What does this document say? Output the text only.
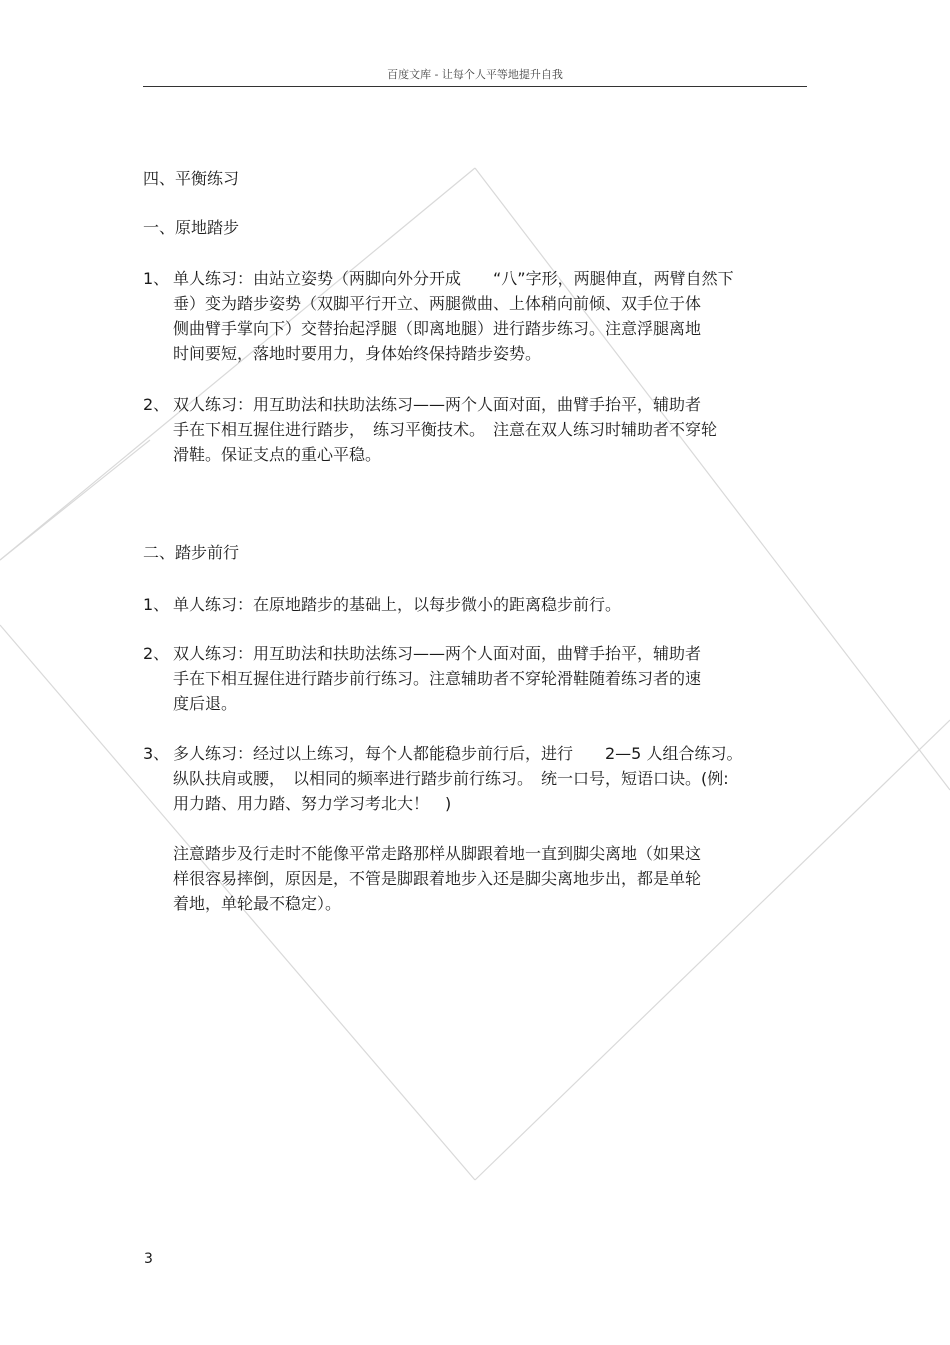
百度文库 - 让每个人平等地提升自我
四、平衡练习
一、原地踏步
1、 单人练习：由站立姿势（两脚向外分开成　　“八”字形，两腿伸直，两臂自然下
垂）变为踏步姿势（双脚平行开立、两腿微曲、上体稍向前倾、双手位于体
侧曲臂手掌向下）交替抬起浮腿（即离地腿）进行踏步练习。注意浮腿离地
时间要短，落地时要用力，身体始终保持踏步姿势。
2、 双人练习：用互助法和扶助法练习——两个人面对面，曲臂手抬平，辅助者
手在下相互握住进行踏步，　练习平衡技术。　注意在双人练习时辅助者不穿轮
滑鞋。保证支点的重心平稳。
二、踏步前行
1、 单人练习：在原地踏步的基础上，以每步微小的距离稳步前行。
2、 双人练习：用互助法和扶助法练习——两个人面对面，曲臂手抬平，辅助者
手在下相互握住进行踏步前行练习。注意辅助者不穿轮滑鞋随着练习者的速
度后退。
3、 多人练习：经过以上练习，每个人都能稳步前行后，进行　　2—5 人组合练习。
纵队扶肩或腰，　以相同的频率进行踏步前行练习。　统一口号，短语口诀。(例:
用力踏、用力踏、努力学习考北大！　)
注意踏步及行走时不能像平常走路那样从脚跟着地一直到脚尖离地（如果这
样很容易摔倒，原因是，不管是脚跟着地步入还是脚尖离地步出，都是单轮
着地，单轮最不稳定）。
3
